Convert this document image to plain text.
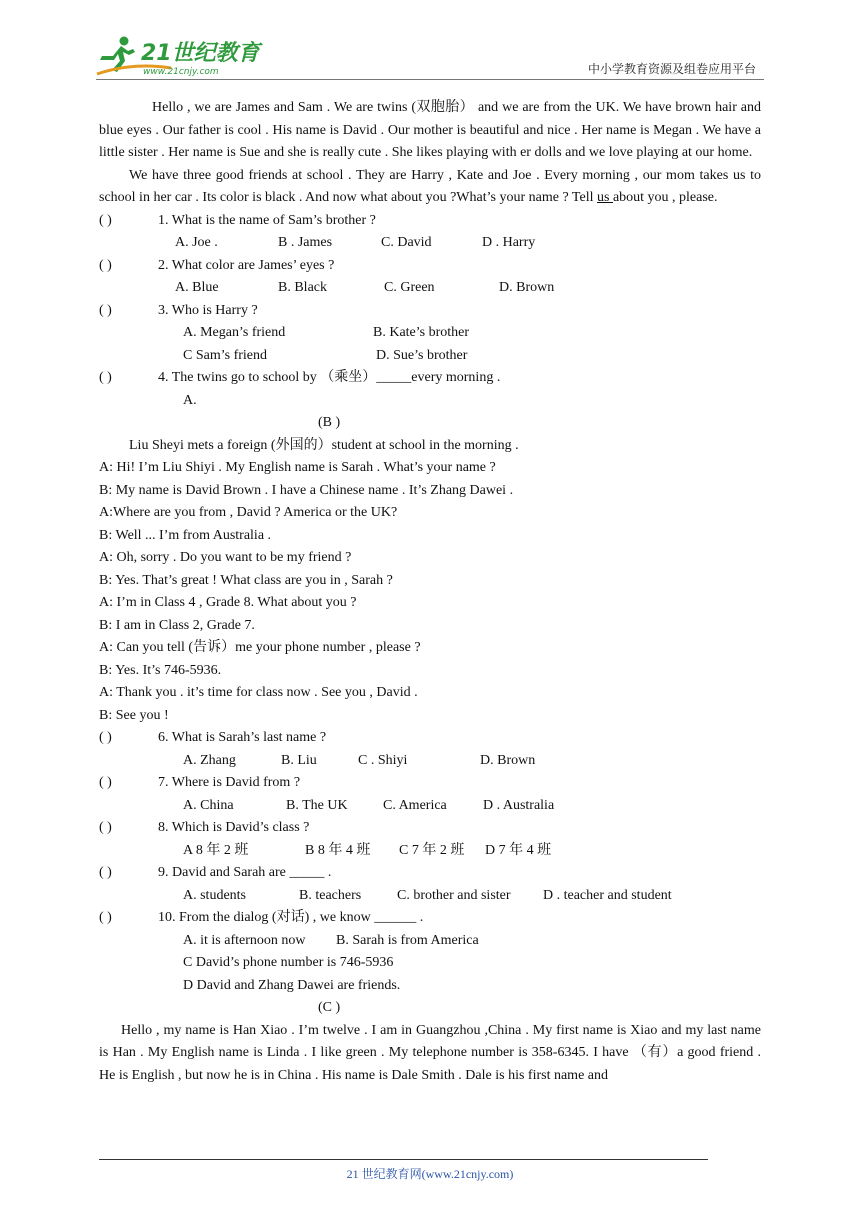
21世纪教育
www.21cnjy.com	中小学教育资源及组卷应用平台

Hello , we are James and Sam . We are twins (双胞胎） and we are from the UK. We have brown hair and blue eyes . Our father is cool . His name is David . Our mother is beautiful and nice . Her name is Megan . We have a little sister . Her name is Sue and she is really cute . She likes playing with er dolls and we love playing at our home.

We have three good friends at school . They are Harry , Kate and Joe . Every morning , our mom takes us to school in her car . Its color is black . And now what about you ?What’s your name ? Tell us about you , please.

( )	1. What is the name of Sam’s brother ?
A. Joe .	B . James	C. David	D . Harry
( )	2. What color are James’ eyes ?
A. Blue	B. Black	C. Green	D. Brown
( )	3. Who is Harry ?
A. Megan’s friend	B. Kate’s brother
C Sam’s friend	D. Sue’s brother
( )	4. The twins go to school by （乘坐）_____every morning .
A.

(B )

Liu Sheyi mets a foreign (外国的）student at school in the morning .

A: Hi! I’m Liu Shiyi . My English name is Sarah . What’s your name ?

B: My name is David Brown . I have a Chinese name . It’s Zhang Dawei .

A:Where are you from , David ? America or the UK?

B: Well ... I’m from Australia .

A: Oh, sorry . Do you want to be my friend ?

B: Yes. That’s great ! What class are you in , Sarah ?

A: I’m in Class 4 , Grade 8. What about you ?

B: I am in Class 2, Grade 7.

A: Can you tell (告诉）me your phone number , please ?

B: Yes. It’s 746-5936.

A: Thank you . it’s time for class now . See you , David .

B: See you !

( )	6. What is Sarah’s last name ?
A. Zhang	B. Liu	C . Shiyi	D. Brown
( )	7. Where is David from ?
A. China	B. The UK	C. America	D . Australia
( )	8. Which is David’s class ?
A 8 年 2 班	B 8 年 4 班	C 7 年 2 班	D 7 年 4 班
( )	9. David and Sarah are _____ .
A. students	B. teachers	C. brother and sister	D . teacher and student
( )	10. From the dialog (对话) , we know ______ .
A. it is afternoon now	B. Sarah is from America

C David’s phone number is 746-5936

D David and Zhang Dawei are friends.

(C )

Hello , my name is Han Xiao . I’m twelve . I am in Guangzhou ,China . My first name is Xiao and my last name is Han . My English name is Linda . I like green . My telephone number is 358-6345. I have （有）a good friend . He is English , but now he is in China . His name is Dale Smith . Dale is his first name and

21 世纪教育网(www.21cnjy.com)
